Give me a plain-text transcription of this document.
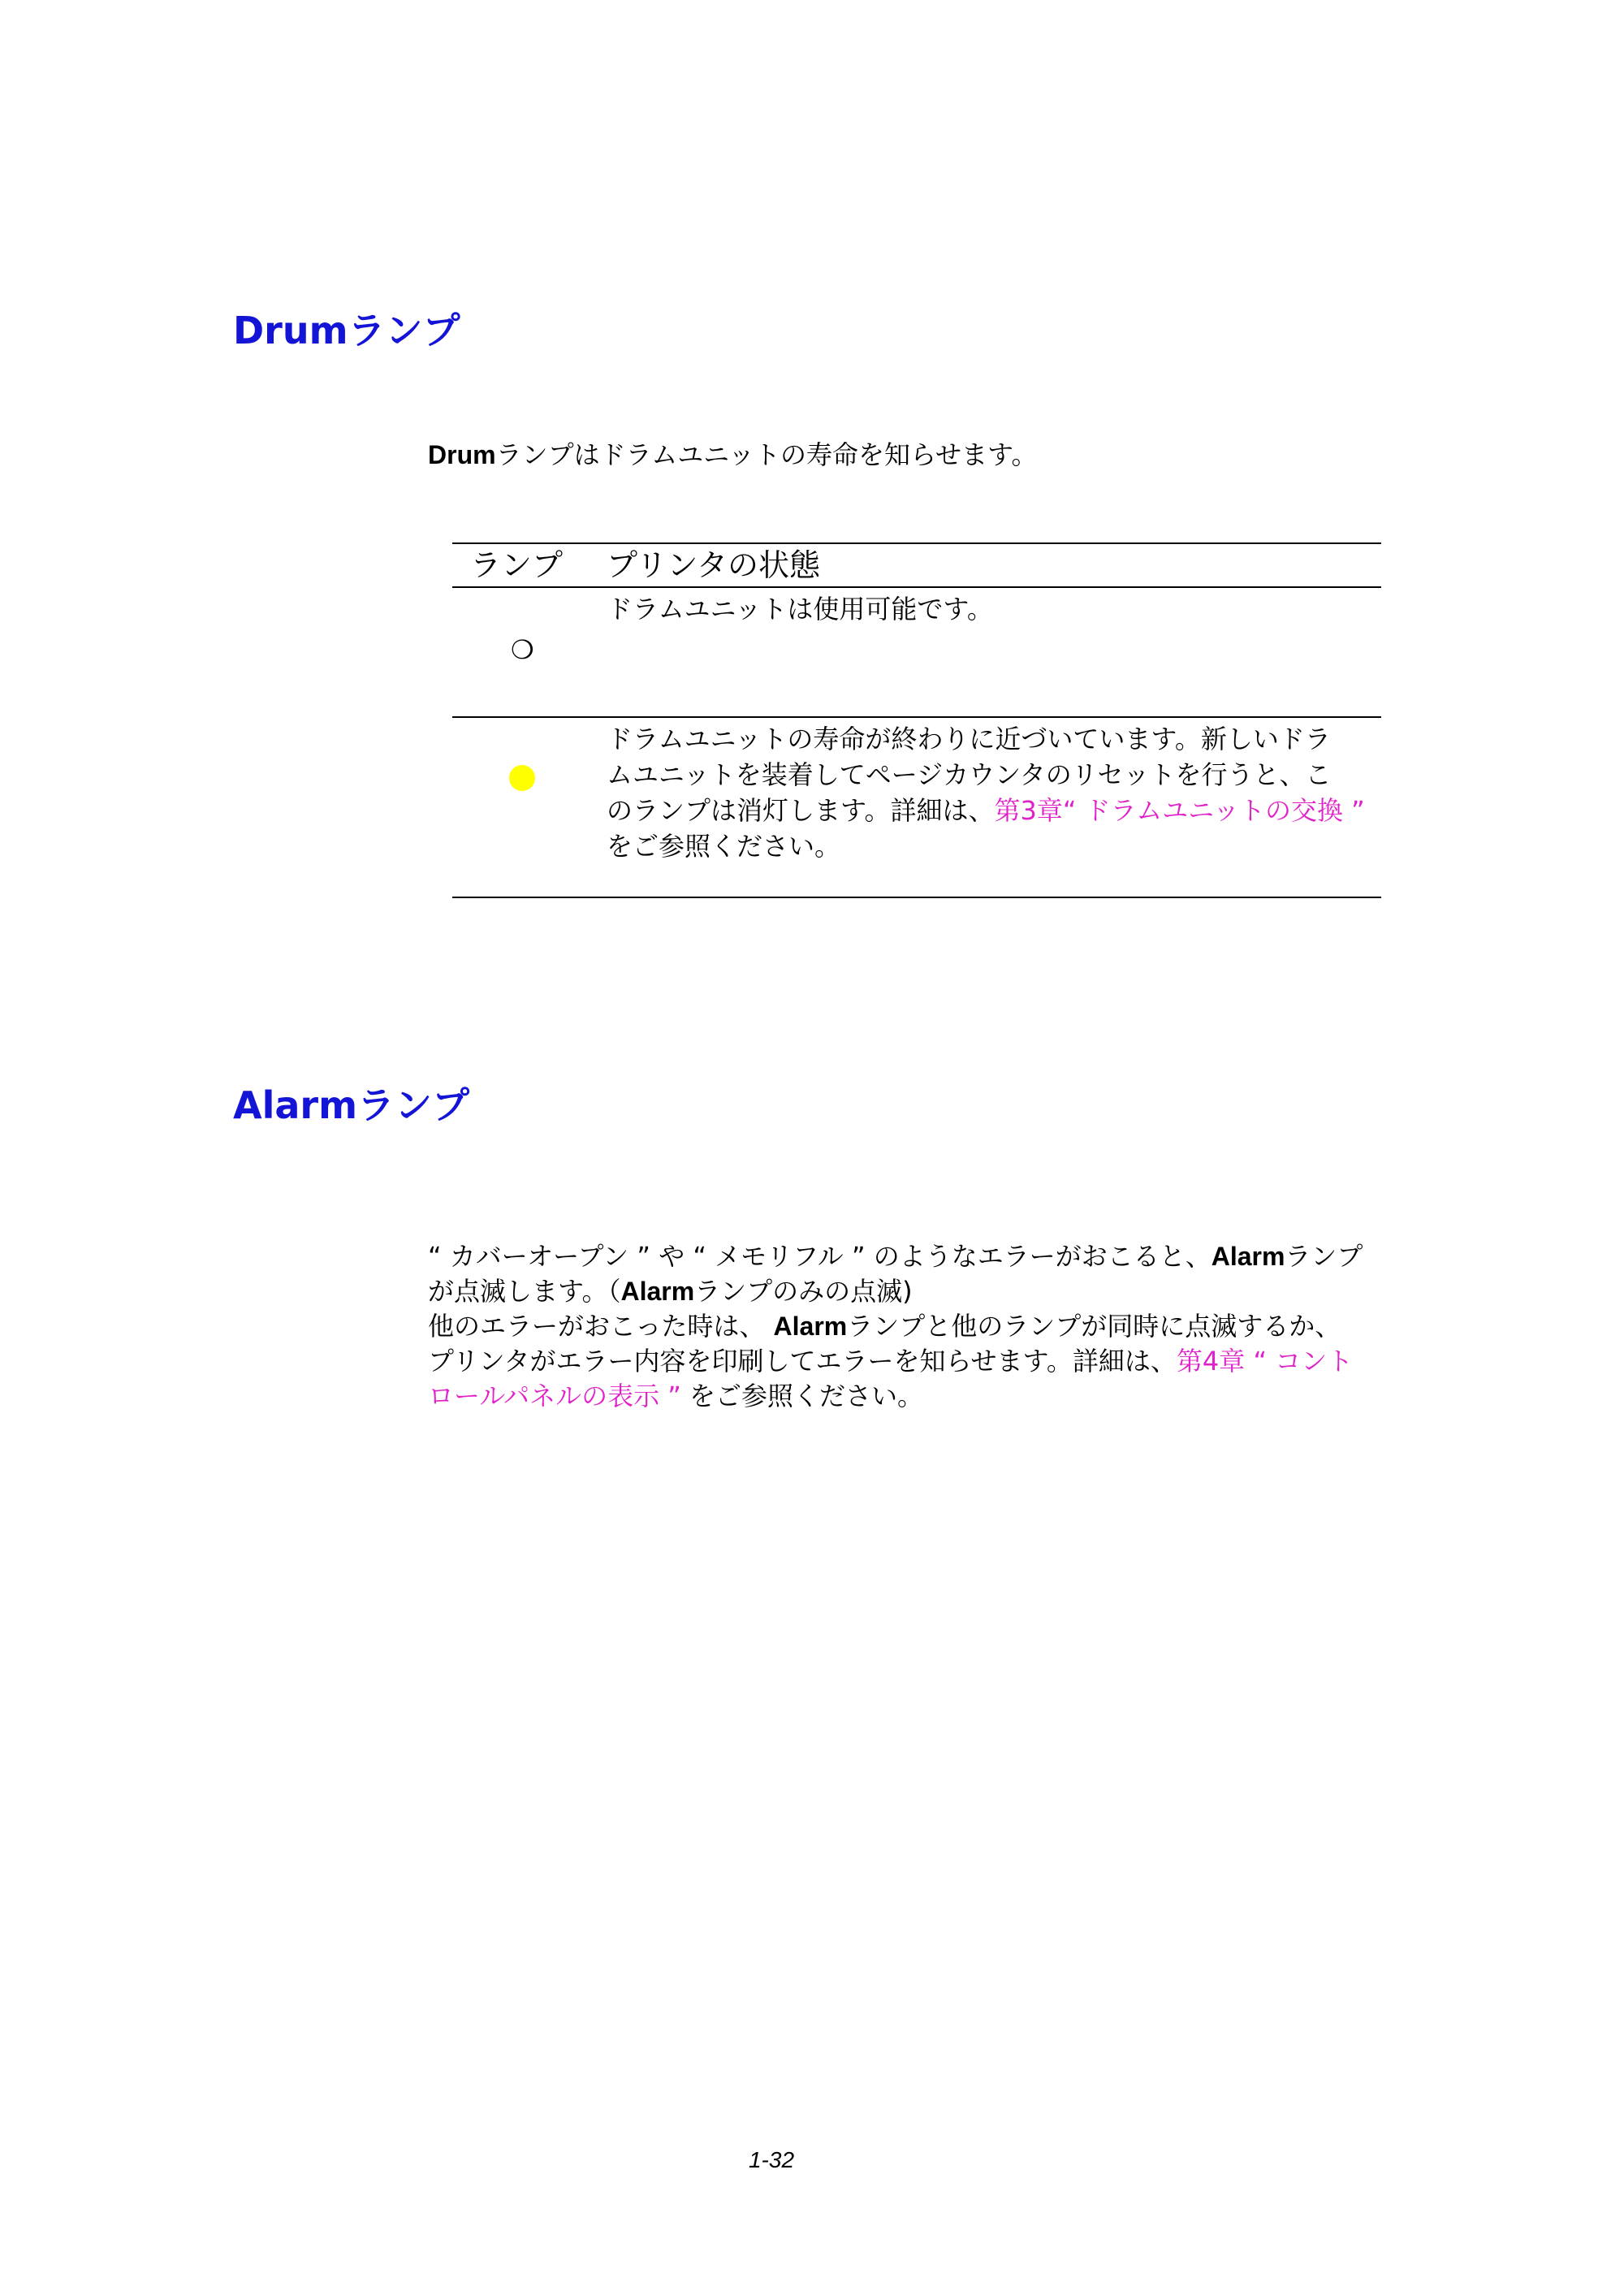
Drumランプ

Drumランプはドラムユニットの寿命を知らせます。

ランプ	プリンタの状態

❍	ドラムユニットは使用可能です。

	ドラムユニットの寿命が終わりに近づいています。新しいドラ
ムユニットを装着してページカウンタのリセットを行うと、こ
のランプは消灯します。詳細は、第3章“ ドラムユニットの交換 ”
をご参照ください。
Alarmランプ

“ カバーオープン ” や “ メモリフル ” のようなエラーがおこると、Alarmランプ
が点滅します。（Alarmランプのみの点滅)
他のエラーがおこった時は、 Alarmランプと他のランプが同時に点滅するか、
プリンタがエラー内容を印刷してエラーを知らせます。詳細は、第4章 “ コント
ロールパネルの表示 ” をご参照ください。

1-32
